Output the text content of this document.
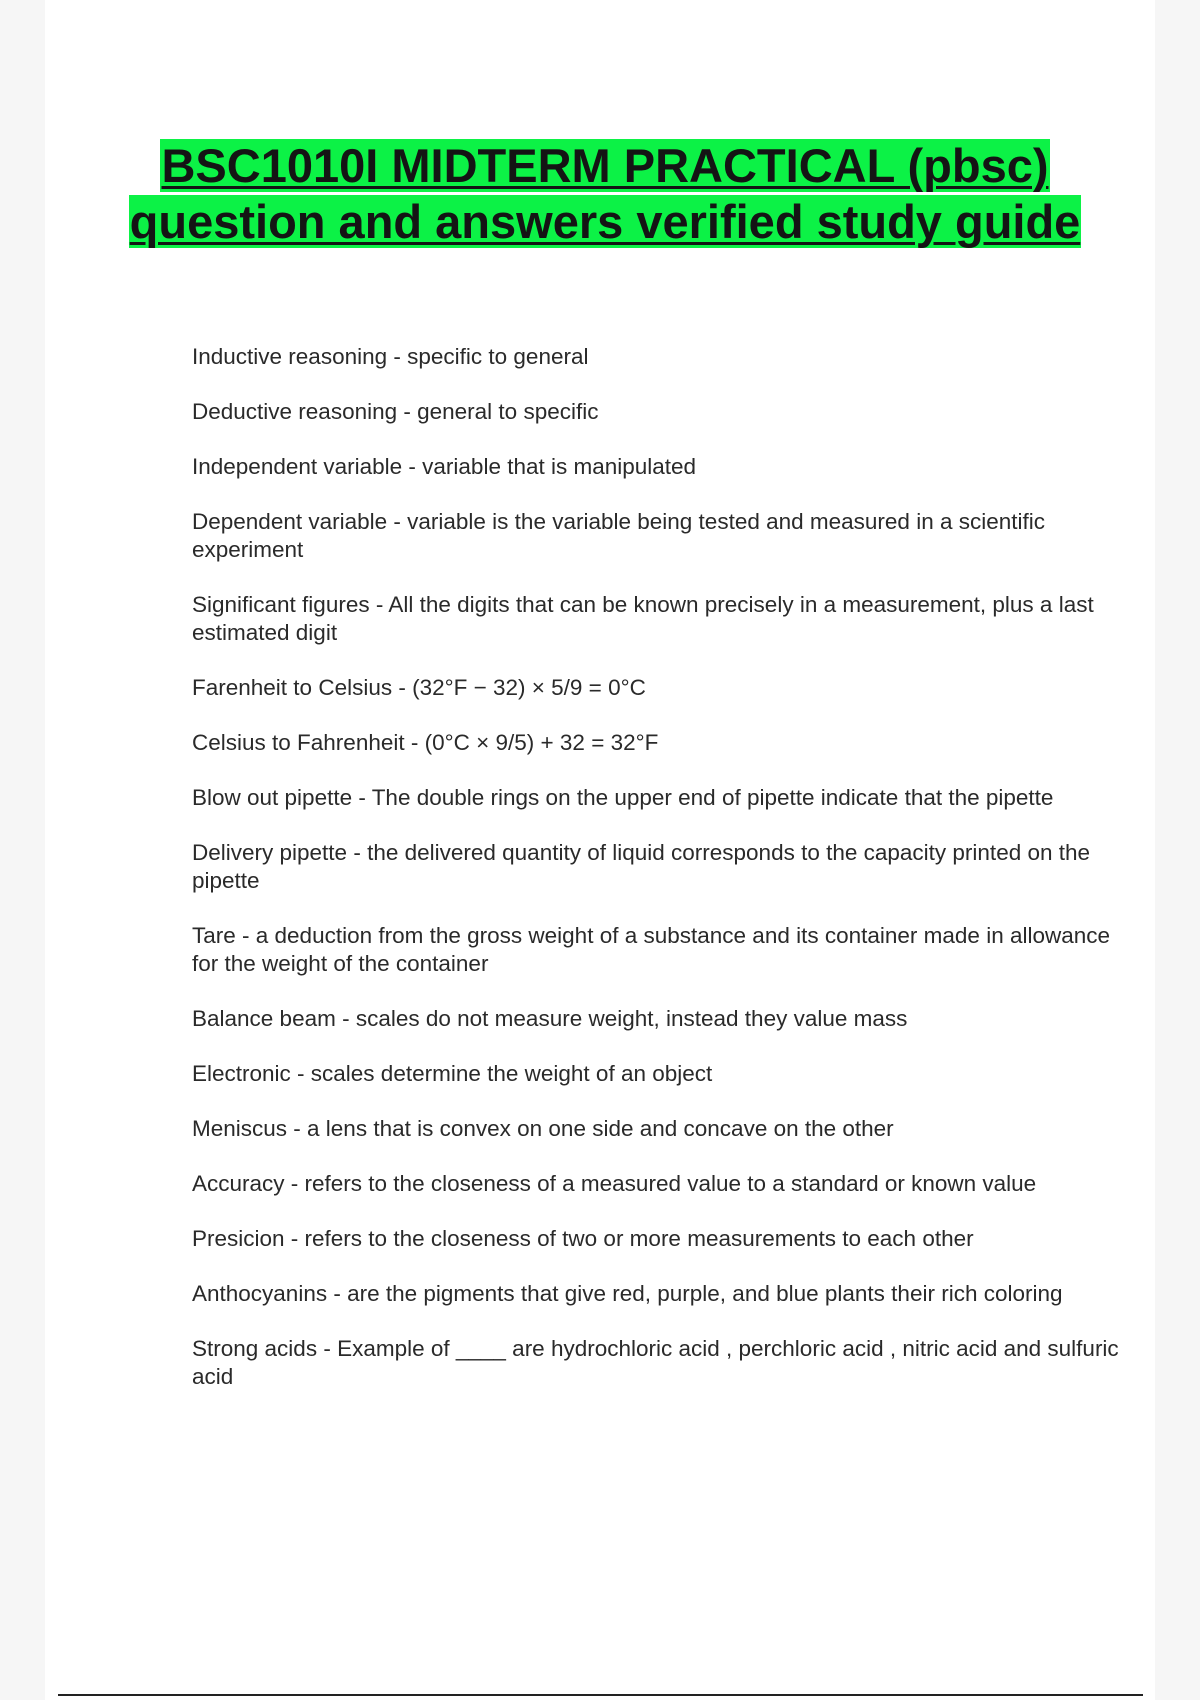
BSC1010I MIDTERM PRACTICAL (pbsc) question and answers verified study guide
Inductive reasoning - specific to general
Deductive reasoning - general to specific
Independent variable - variable that is manipulated
Dependent variable - variable is the variable being tested and measured in a scientific experiment
Significant figures - All the digits that can be known precisely in a measurement, plus a last estimated digit
Farenheit to Celsius - (32°F − 32) × 5/9 = 0°C
Celsius to Fahrenheit - (0°C × 9/5) + 32 = 32°F
Blow out pipette - The double rings on the upper end of pipette indicate that the pipette
Delivery pipette - the delivered quantity of liquid corresponds to the capacity printed on the pipette
Tare - a deduction from the gross weight of a substance and its container made in allowance for the weight of the container
Balance beam - scales do not measure weight, instead they value mass
Electronic - scales determine the weight of an object
Meniscus - a lens that is convex on one side and concave on the other
Accuracy - refers to the closeness of a measured value to a standard or known value
Presicion - refers to the closeness of two or more measurements to each other
Anthocyanins - are the pigments that give red, purple, and blue plants their rich coloring
Strong acids - Example of ____ are hydrochloric acid , perchloric acid , nitric acid and sulfuric acid
